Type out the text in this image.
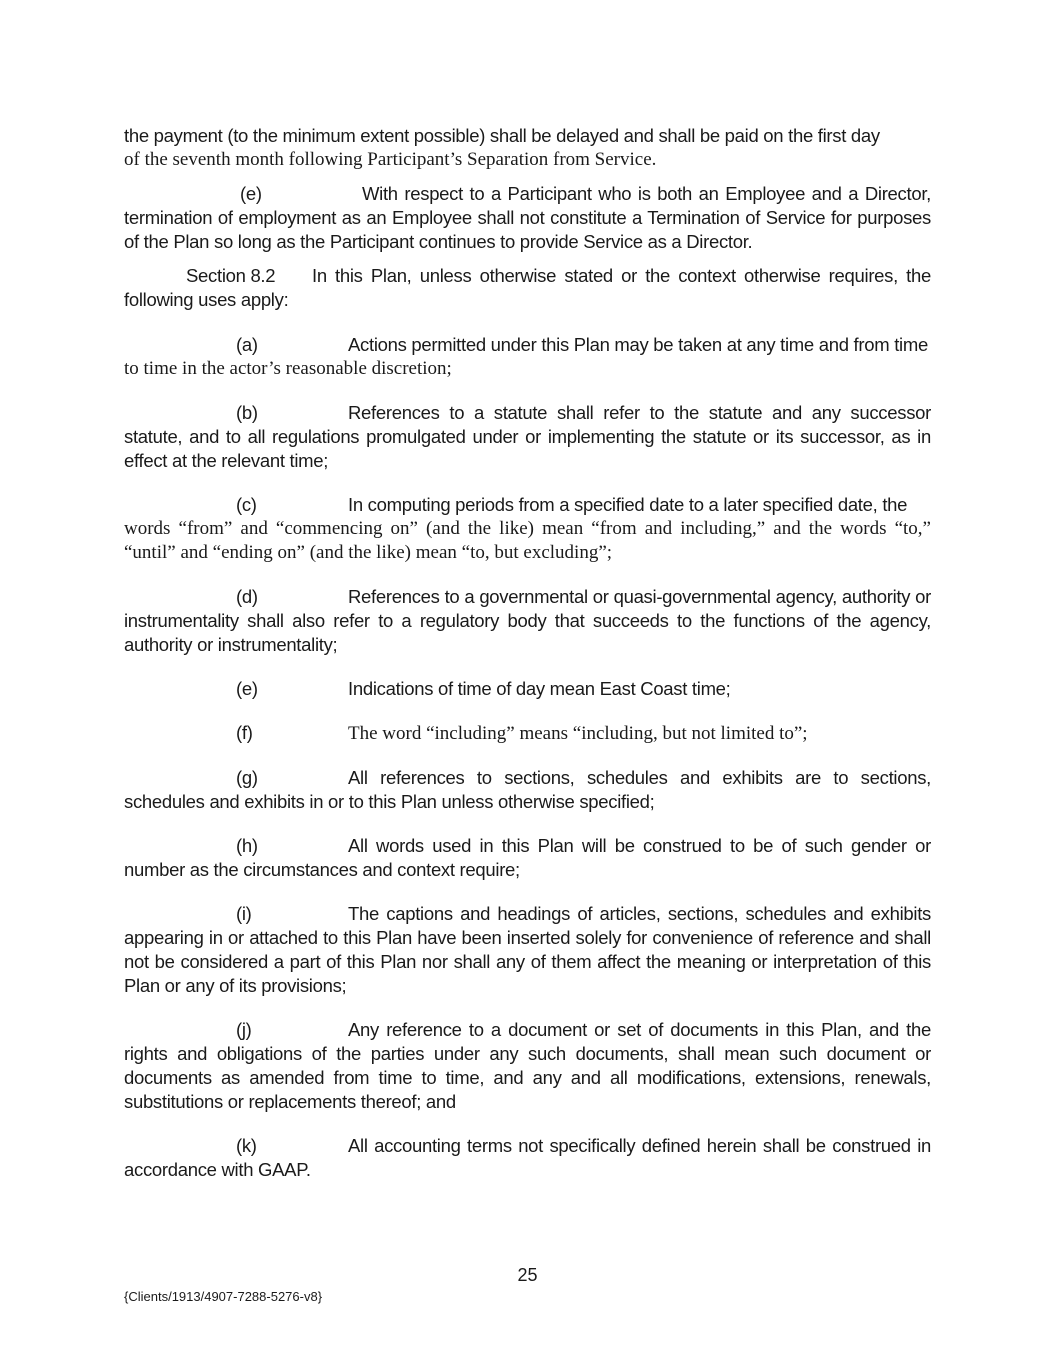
the payment (to the minimum extent possible) shall be delayed and shall be paid on the first day

of the seventh month following Participant’s Separation from Service.

(e)	With respect to a Participant who is both an Employee and a Director, termination of employment as an Employee shall not constitute a Termination of Service for purposes of the Plan so long as the Participant continues to provide Service as a Director.

Section 8.2 In this Plan, unless otherwise stated or the context otherwise requires, the following uses apply:

(a)	Actions permitted under this Plan may be taken at any time and from time

to time in the actor’s reasonable discretion;

(b)	References to a statute shall refer to the statute and any successor statute, and to all regulations promulgated under or implementing the statute or its successor, as in effect at the relevant time;

(c)	In computing periods from a specified date to a later specified date, the

words “from” and “commencing on” (and the like) mean “from and including,” and the words “to,” “until” and “ending on” (and the like) mean “to, but excluding”;

(d)	References to a governmental or quasi-governmental agency, authority or instrumentality shall also refer to a regulatory body that succeeds to the functions of the agency, authority or instrumentality;

(e)	Indications of time of day mean East Coast time;

(f)	The word “including” means “including, but not limited to”;

(g)	All references to sections, schedules and exhibits are to sections, schedules and exhibits in or to this Plan unless otherwise specified;

(h)	All words used in this Plan will be construed to be of such gender or number as the circumstances and context require;

(i)	The captions and headings of articles, sections, schedules and exhibits appearing in or attached to this Plan have been inserted solely for convenience of reference and shall not be considered a part of this Plan nor shall any of them affect the meaning or interpretation of this Plan or any of its provisions;

(j)	Any reference to a document or set of documents in this Plan, and the rights and obligations of the parties under any such documents, shall mean such document or documents as amended from time to time, and any and all modifications, extensions, renewals, substitutions or replacements thereof; and

(k)	All accounting terms not specifically defined herein shall be construed in accordance with GAAP.

25
{Clients/1913/4907-7288-5276-v8}
